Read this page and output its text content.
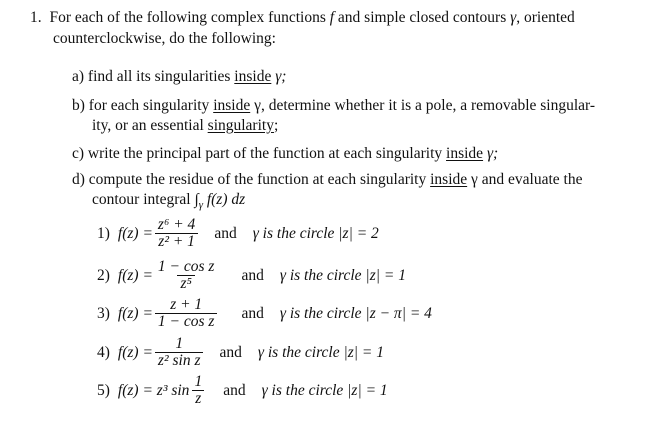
1. For each of the following complex functions f and simple closed contours γ, oriented
counterclockwise, do the following:
a) find all its singularities inside γ;
b) for each singularity inside γ, determine whether it is a pole, a removable singular-
ity, or an essential singularity;
c) write the principal part of the function at each singularity inside γ;
d) compute the residue of the function at each singularity inside γ and evaluate the
contour integral $\int_\gamma$ f(z) dz
1) $f(z) = \frac{\text{z⁶ + 4}}{\text{z² + 1}}$ and γ is the circle |z| = 2
2) $f(z) = \frac{\text{1 − cos z}}{\text{z⁵}}$ and γ is the circle |z| = 1
3) $f(z) = \frac{z + 1}{\text{1 − cos z}}$ and γ is the circle |z − π| = 4
4) $f(z) = \frac{1}{\text{z² sin z}}$ and γ is the circle |z| = 1
5) f(z) = z³ $\sin \frac{1}{z}$ and γ is the circle |z| = 1
